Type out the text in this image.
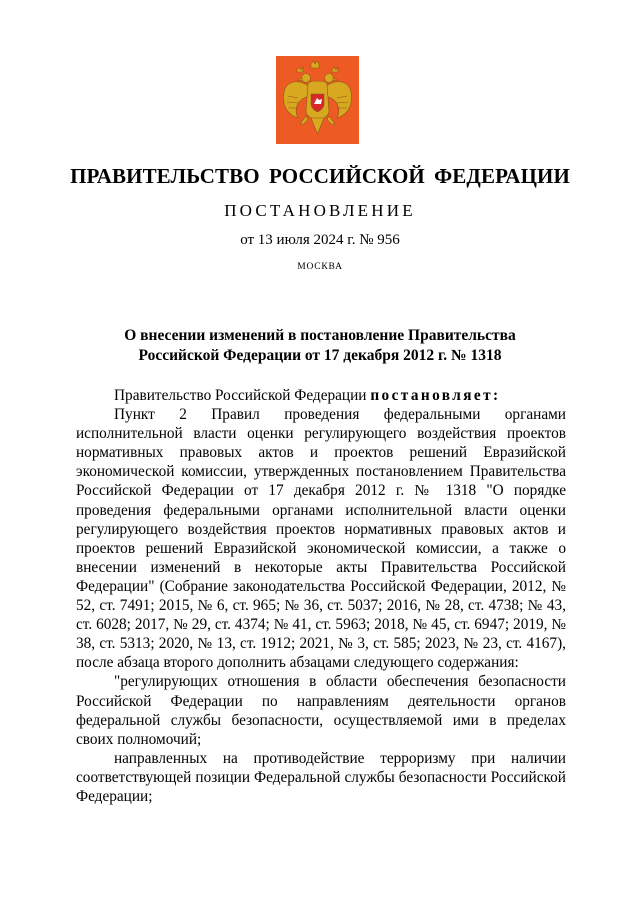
ПРАВИТЕЛЬСТВО РОССИЙСКОЙ ФЕДЕРАЦИИ
ПОСТАНОВЛЕНИЕ
от 13 июля 2024 г. № 956
МОСКВА
О внесении изменений в постановление Правительства
Российской Федерации от 17 декабря 2012 г. № 1318

Правительство Российской Федерации постановляет:

Пункт 2 Правил проведения федеральными органами исполнительной власти оценки регулирующего воздействия проектов нормативных правовых актов и проектов решений Евразийской экономической комиссии, утвержденных постановлением Правительства Российской Федерации от 17 декабря 2012 г. № 1318 "О порядке проведения федеральными органами исполнительной власти оценки регулирующего воздействия проектов нормативных правовых актов и проектов решений Евразийской экономической комиссии, а также о внесении изменений в некоторые акты Правительства Российской Федерации" (Собрание законодательства Российской Федерации, 2012, № 52, ст. 7491; 2015, № 6, ст. 965; № 36, ст. 5037; 2016, № 28, ст. 4738; № 43, ст. 6028; 2017, № 29, ст. 4374; № 41, ст. 5963; 2018, № 45, ст. 6947; 2019, № 38, ст. 5313; 2020, № 13, ст. 1912; 2021, № 3, ст. 585; 2023, № 23, ст. 4167), после абзаца второго дополнить абзацами следующего содержания:

"регулирующих отношения в области обеспечения безопасности Российской Федерации по направлениям деятельности органов федеральной службы безопасности, осуществляемой ими в пределах своих полномочий;

направленных на противодействие терроризму при наличии соответствующей позиции Федеральной службы безопасности Российской Федерации;
